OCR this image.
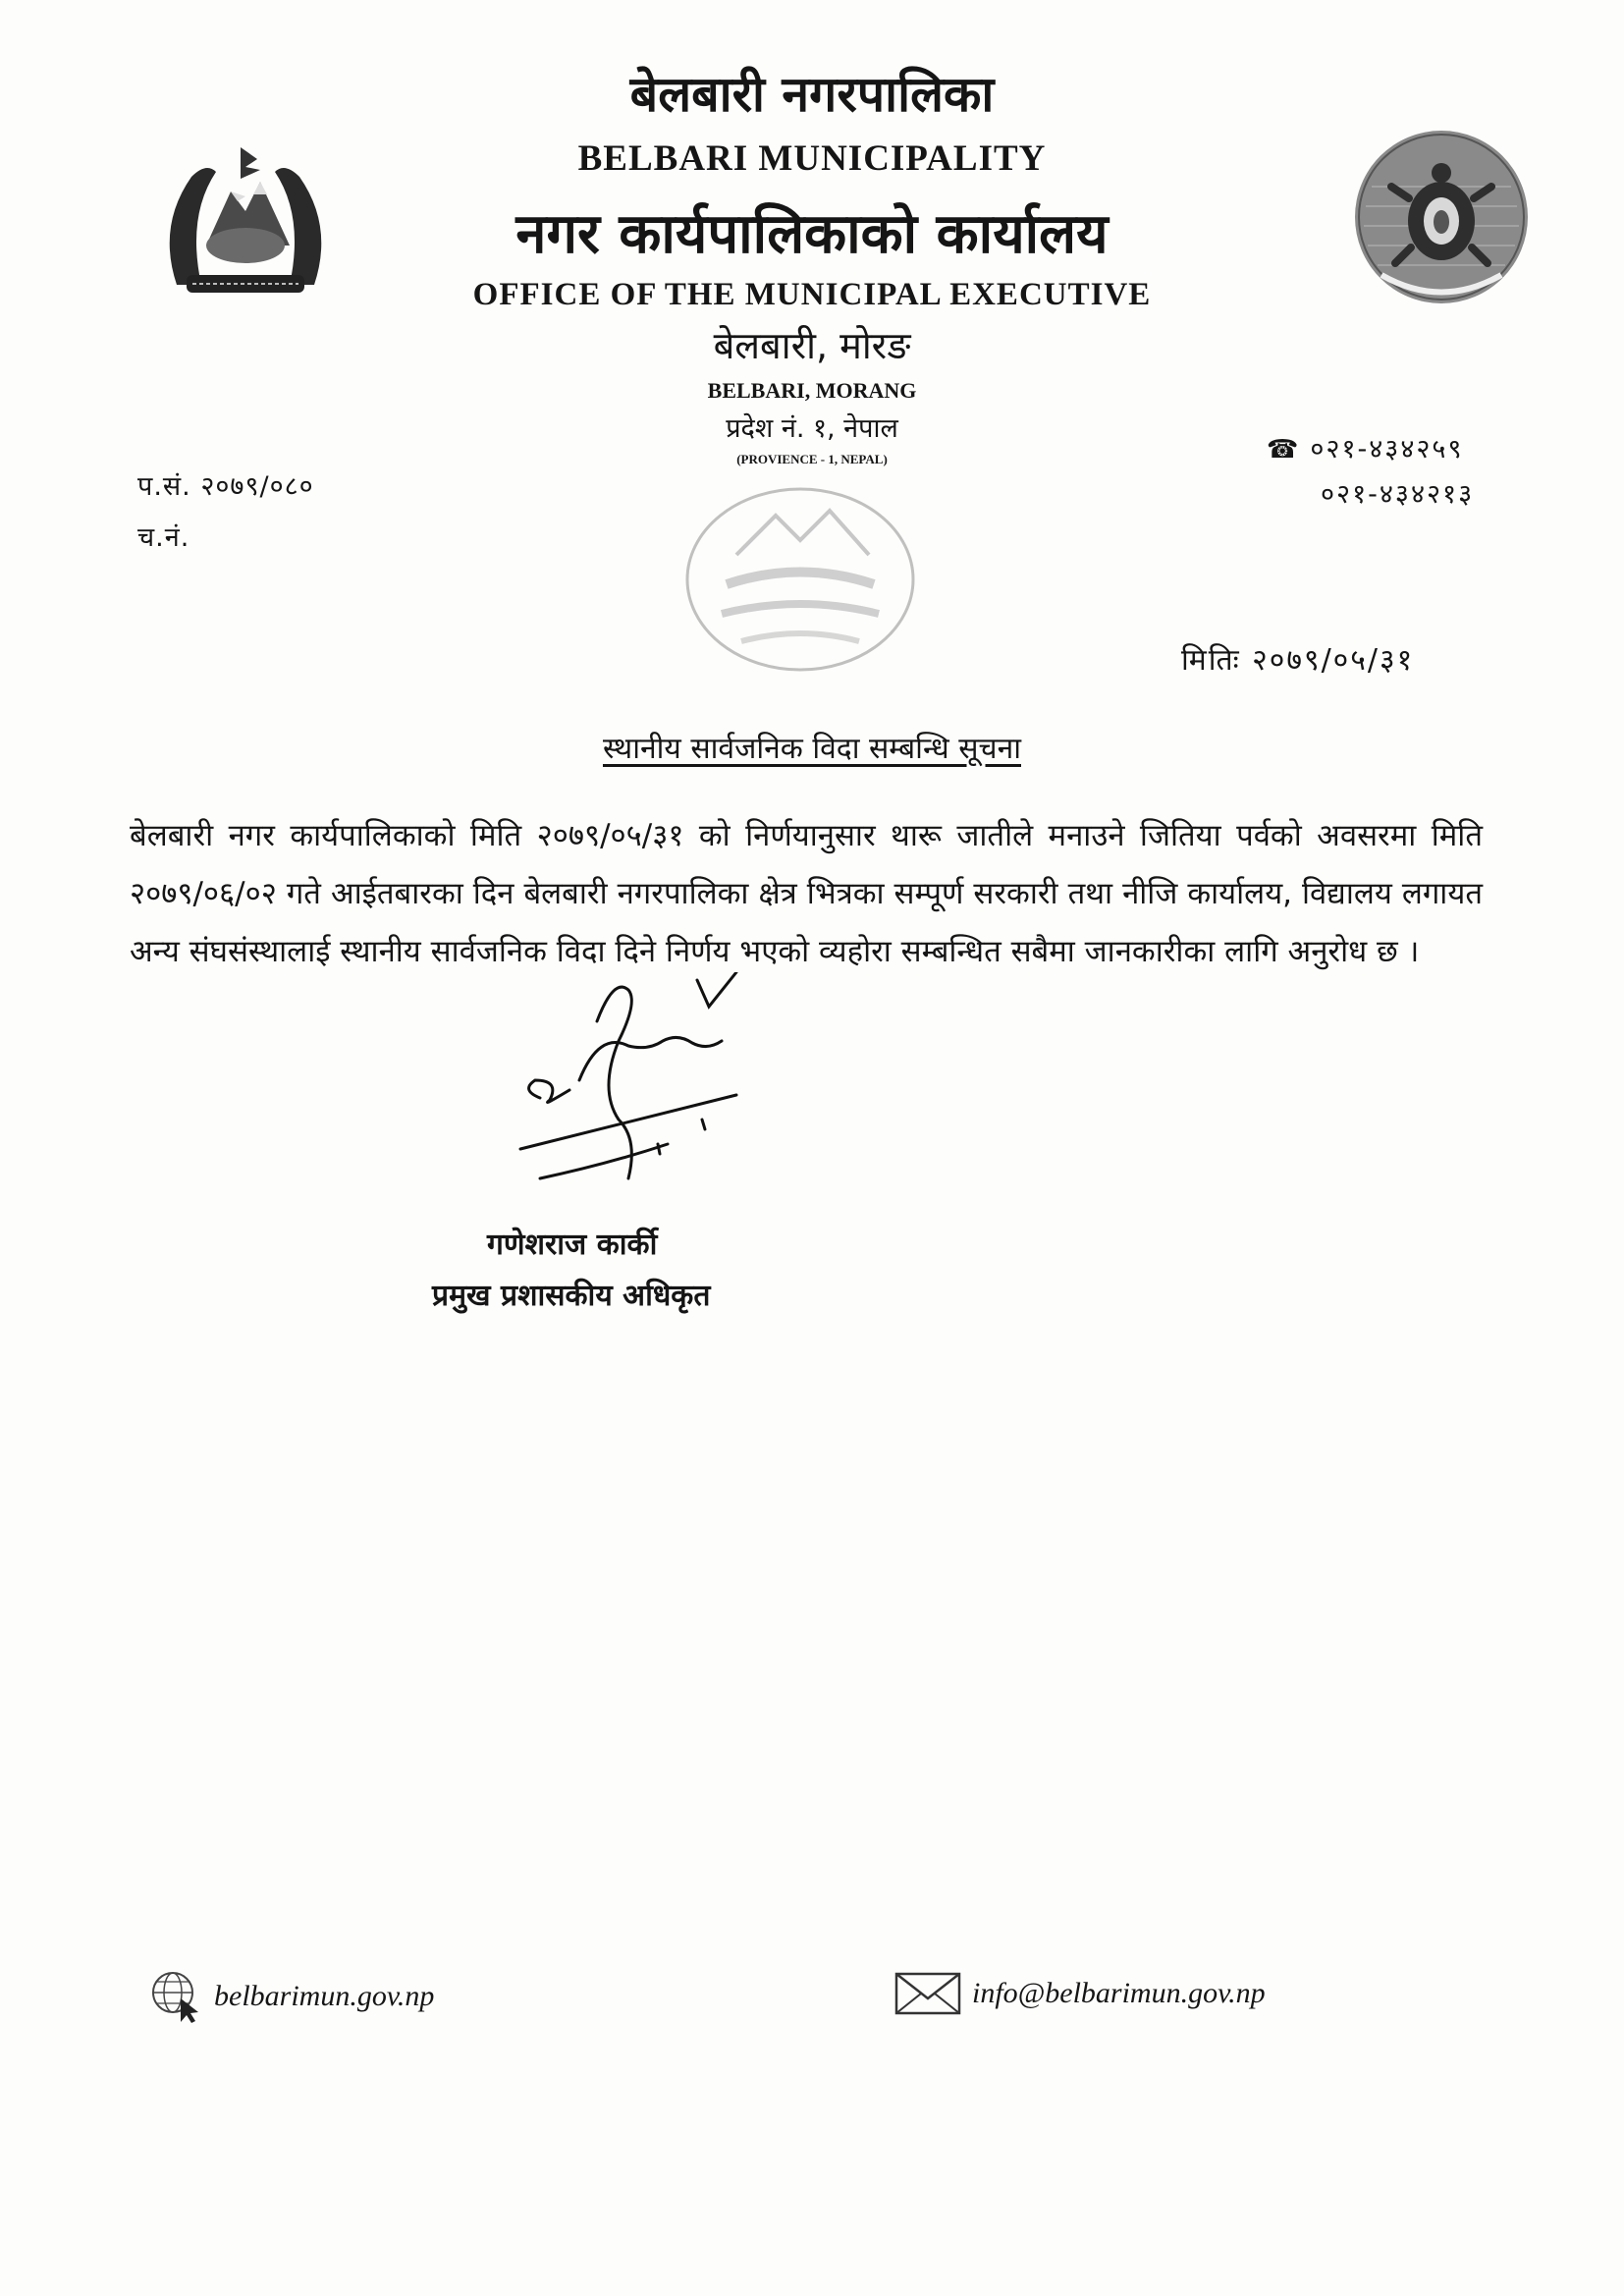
बेलबारी नगरपालिका
BELBARI MUNICIPALITY
नगर कार्यपालिकाको कार्यालय
OFFICE OF THE MUNICIPAL EXECUTIVE
बेलबारी, मोरङ
BELBARI, MORANG
प्रदेश नं. १, नेपाल
(PROVIENCE - 1, NEPAL)	☎ ०२१-४३४२५९
०२१-४३४२१३
प.सं. २०७९/०८०
च.नं.
मितिः २०७९/०५/३१
स्थानीय सार्वजनिक विदा सम्बन्धि सूचना
बेलबारी नगर कार्यपालिकाको मिति २०७९/०५/३१ को निर्णयानुसार थारू जातीले मनाउने जितिया पर्वको अवसरमा मिति २०७९/०६/०२ गते आईतबारका दिन बेलबारी नगरपालिका क्षेत्र भित्रका सम्पूर्ण सरकारी तथा नीजि कार्यालय, विद्यालय लगायत अन्य संघसंस्थालाई स्थानीय सार्वजनिक विदा दिने निर्णय भएको व्यहोरा सम्बन्धित सबैमा जानकारीका लागि अनुरोध छ ।
गणेशराज कार्की
प्रमुख प्रशासकीय अधिकृत
belbarimun.gov.np	info@belbarimun.gov.np
